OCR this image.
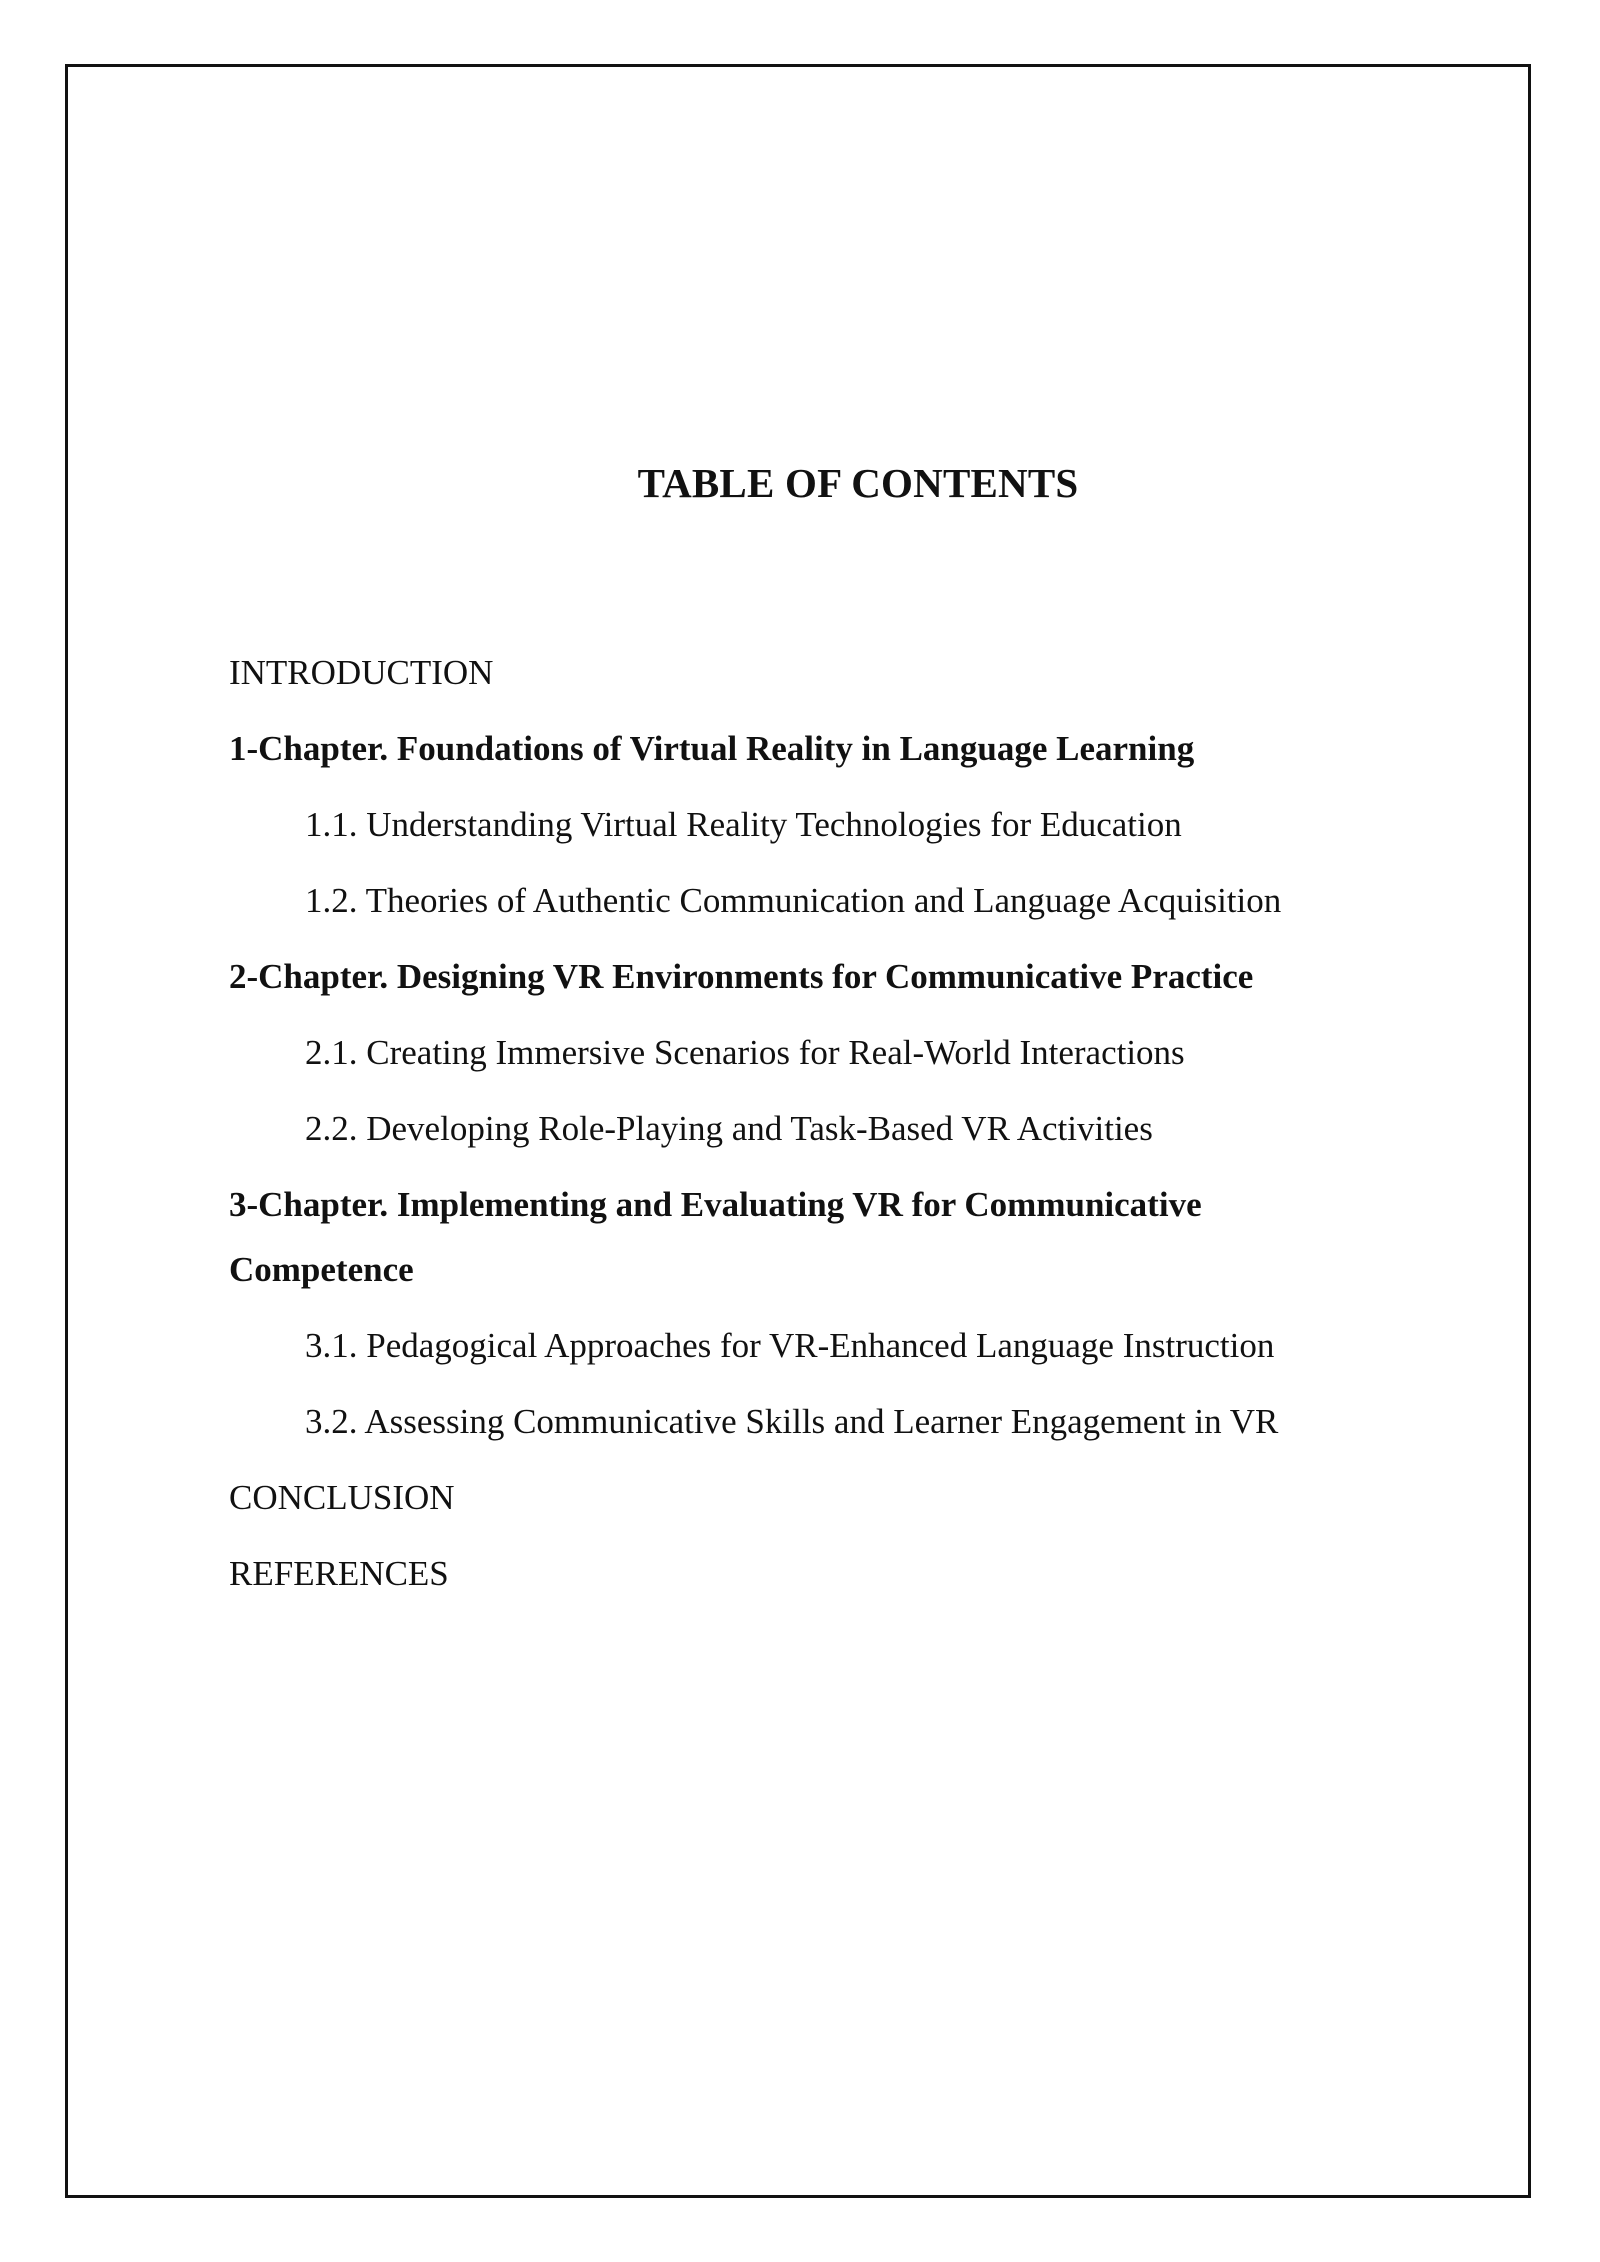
TABLE OF CONTENTS
INTRODUCTION
1-Chapter. Foundations of Virtual Reality in Language Learning
1.1. Understanding Virtual Reality Technologies for Education
1.2. Theories of Authentic Communication and Language Acquisition
2-Chapter. Designing VR Environments for Communicative Practice
2.1. Creating Immersive Scenarios for Real-World Interactions
2.2. Developing Role-Playing and Task-Based VR Activities
3-Chapter. Implementing and Evaluating VR for Communicative Competence
3.1. Pedagogical Approaches for VR-Enhanced Language Instruction
3.2. Assessing Communicative Skills and Learner Engagement in VR
CONCLUSION
REFERENCES
